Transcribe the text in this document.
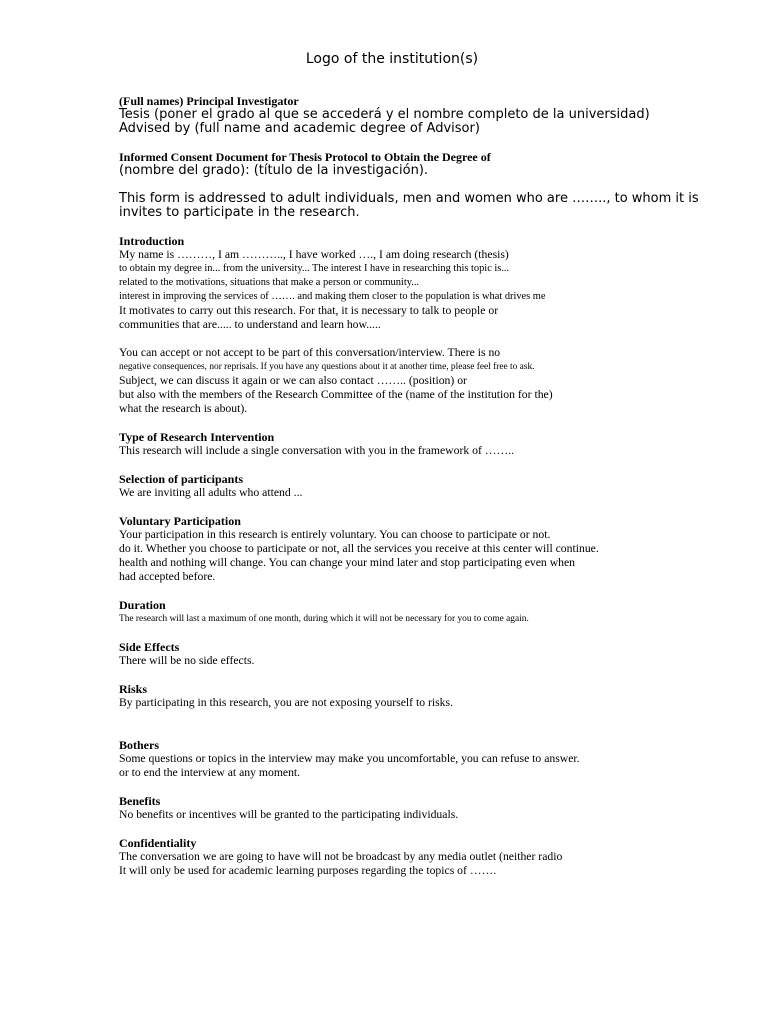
Logo of the institution(s)
(Full names) Principal Investigator
Tesis (poner el grado al que se accederá y el nombre completo de la universidad)
Advised by (full name and academic degree of Advisor)
Informed Consent Document for Thesis Protocol to Obtain the Degree of
(nombre del grado): (título de la investigación).
This form is addressed to adult individuals, men and women who are …….., to whom it is
invites to participate in the research.
Introduction
My name is ………, I am ……….., I have worked …., I am doing research (thesis)
to obtain my degree in... from the university... The interest I have in researching this topic is...
related to the motivations, situations that make a person or community...
interest in improving the services of ……. and making them closer to the population is what drives me
It motivates to carry out this research. For that, it is necessary to talk to people or
communities that are..... to understand and learn how.....
You can accept or not accept to be part of this conversation/interview. There is no
negative consequences, nor reprisals. If you have any questions about it at another time, please feel free to ask.
Subject, we can discuss it again or we can also contact …….. (position) or
but also with the members of the Research Committee of the (name of the institution for the)
what the research is about).
Type of Research Intervention
This research will include a single conversation with you in the framework of ……..
Selection of participants
We are inviting all adults who attend ...
Voluntary Participation
Your participation in this research is entirely voluntary. You can choose to participate or not.
do it. Whether you choose to participate or not, all the services you receive at this center will continue.
health and nothing will change. You can change your mind later and stop participating even when
had accepted before.
Duration
The research will last a maximum of one month, during which it will not be necessary for you to come again.
Side Effects
There will be no side effects.
Risks
By participating in this research, you are not exposing yourself to risks.
Bothers
Some questions or topics in the interview may make you uncomfortable, you can refuse to answer.
or to end the interview at any moment.
Benefits
No benefits or incentives will be granted to the participating individuals.
Confidentiality
The conversation we are going to have will not be broadcast by any media outlet (neither radio
It will only be used for academic learning purposes regarding the topics of …….
